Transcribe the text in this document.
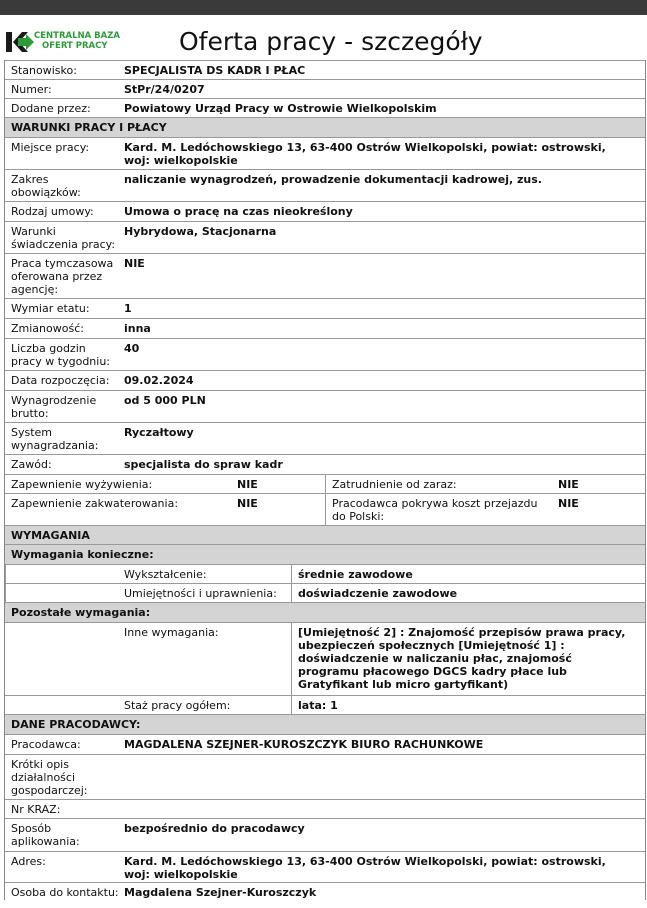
CENTRALNA BAZA
OFERT PRACY	Oferta pracy - szczegóły
Stanowisko:	SPECJALISTA DS KADR I PŁAC
Numer:	StPr/24/0207
Dodane przez:	Powiatowy Urząd Pracy w Ostrowie Wielkopolskim
WARUNKI PRACY I PŁACY
Miejsce pracy:	Kard. M. Ledóchowskiego 13, 63-400 Ostrów Wielkopolski, powiat: ostrowski, woj: wielkopolskie
Zakres obowiązków:
naliczanie wynagrodzeń, prowadzenie dokumentacji kadrowej, zus.
Rodzaj umowy:	Umowa o pracę na czas nieokreślony
Warunki świadczenia pracy:
Hybrydowa, Stacjonarna
Praca tymczasowa oferowana przez agencję:
NIE
Wymiar etatu:	1
Zmianowość:	inna
Liczba godzin pracy w tygodniu:
40
Data rozpoczęcia:	09.02.2024
Wynagrodzenie brutto:
od 5 000 PLN
System wynagradzania:
Ryczałtowy
Zawód:	specjalista do spraw kadr
Zapewnienie wyżywienia:	NIE	Zatrudnienie od zaraz:	NIE
Zapewnienie zakwaterowania:	NIE	Pracodawca pokrywa koszt przejazdu do Polski:
NIE
WYMAGANIA
Wymagania konieczne:
Wykształcenie:	średnie zawodowe
Umiejętności i uprawnienia: doświadczenie zawodowe
Pozostałe wymagania:
Inne wymagania:	[Umiejętność 2] : Znajomość przepisów prawa pracy, ubezpieczeń społecznych [Umiejętność 1] : doświadczenie w naliczaniu płac, znajomość programu płacowego DGCS kadry płace lub Gratyfikant lub micro gartyfikant)
Staż pracy ogółem:	lata: 1
DANE PRACODAWCY:
Pracodawca:	MAGDALENA SZEJNER-KUROSZCZYK BIURO RACHUNKOWE
Krótki opis działalności gospodarczej:
Nr KRAZ:
Sposób aplikowania:
bezpośrednio do pracodawcy
Adres:	Kard. M. Ledóchowskiego 13, 63-400 Ostrów Wielkopolski, powiat: ostrowski, woj: wielkopolskie
Osoba do kontaktu: Magdalena Szejner-Kuroszczyk
